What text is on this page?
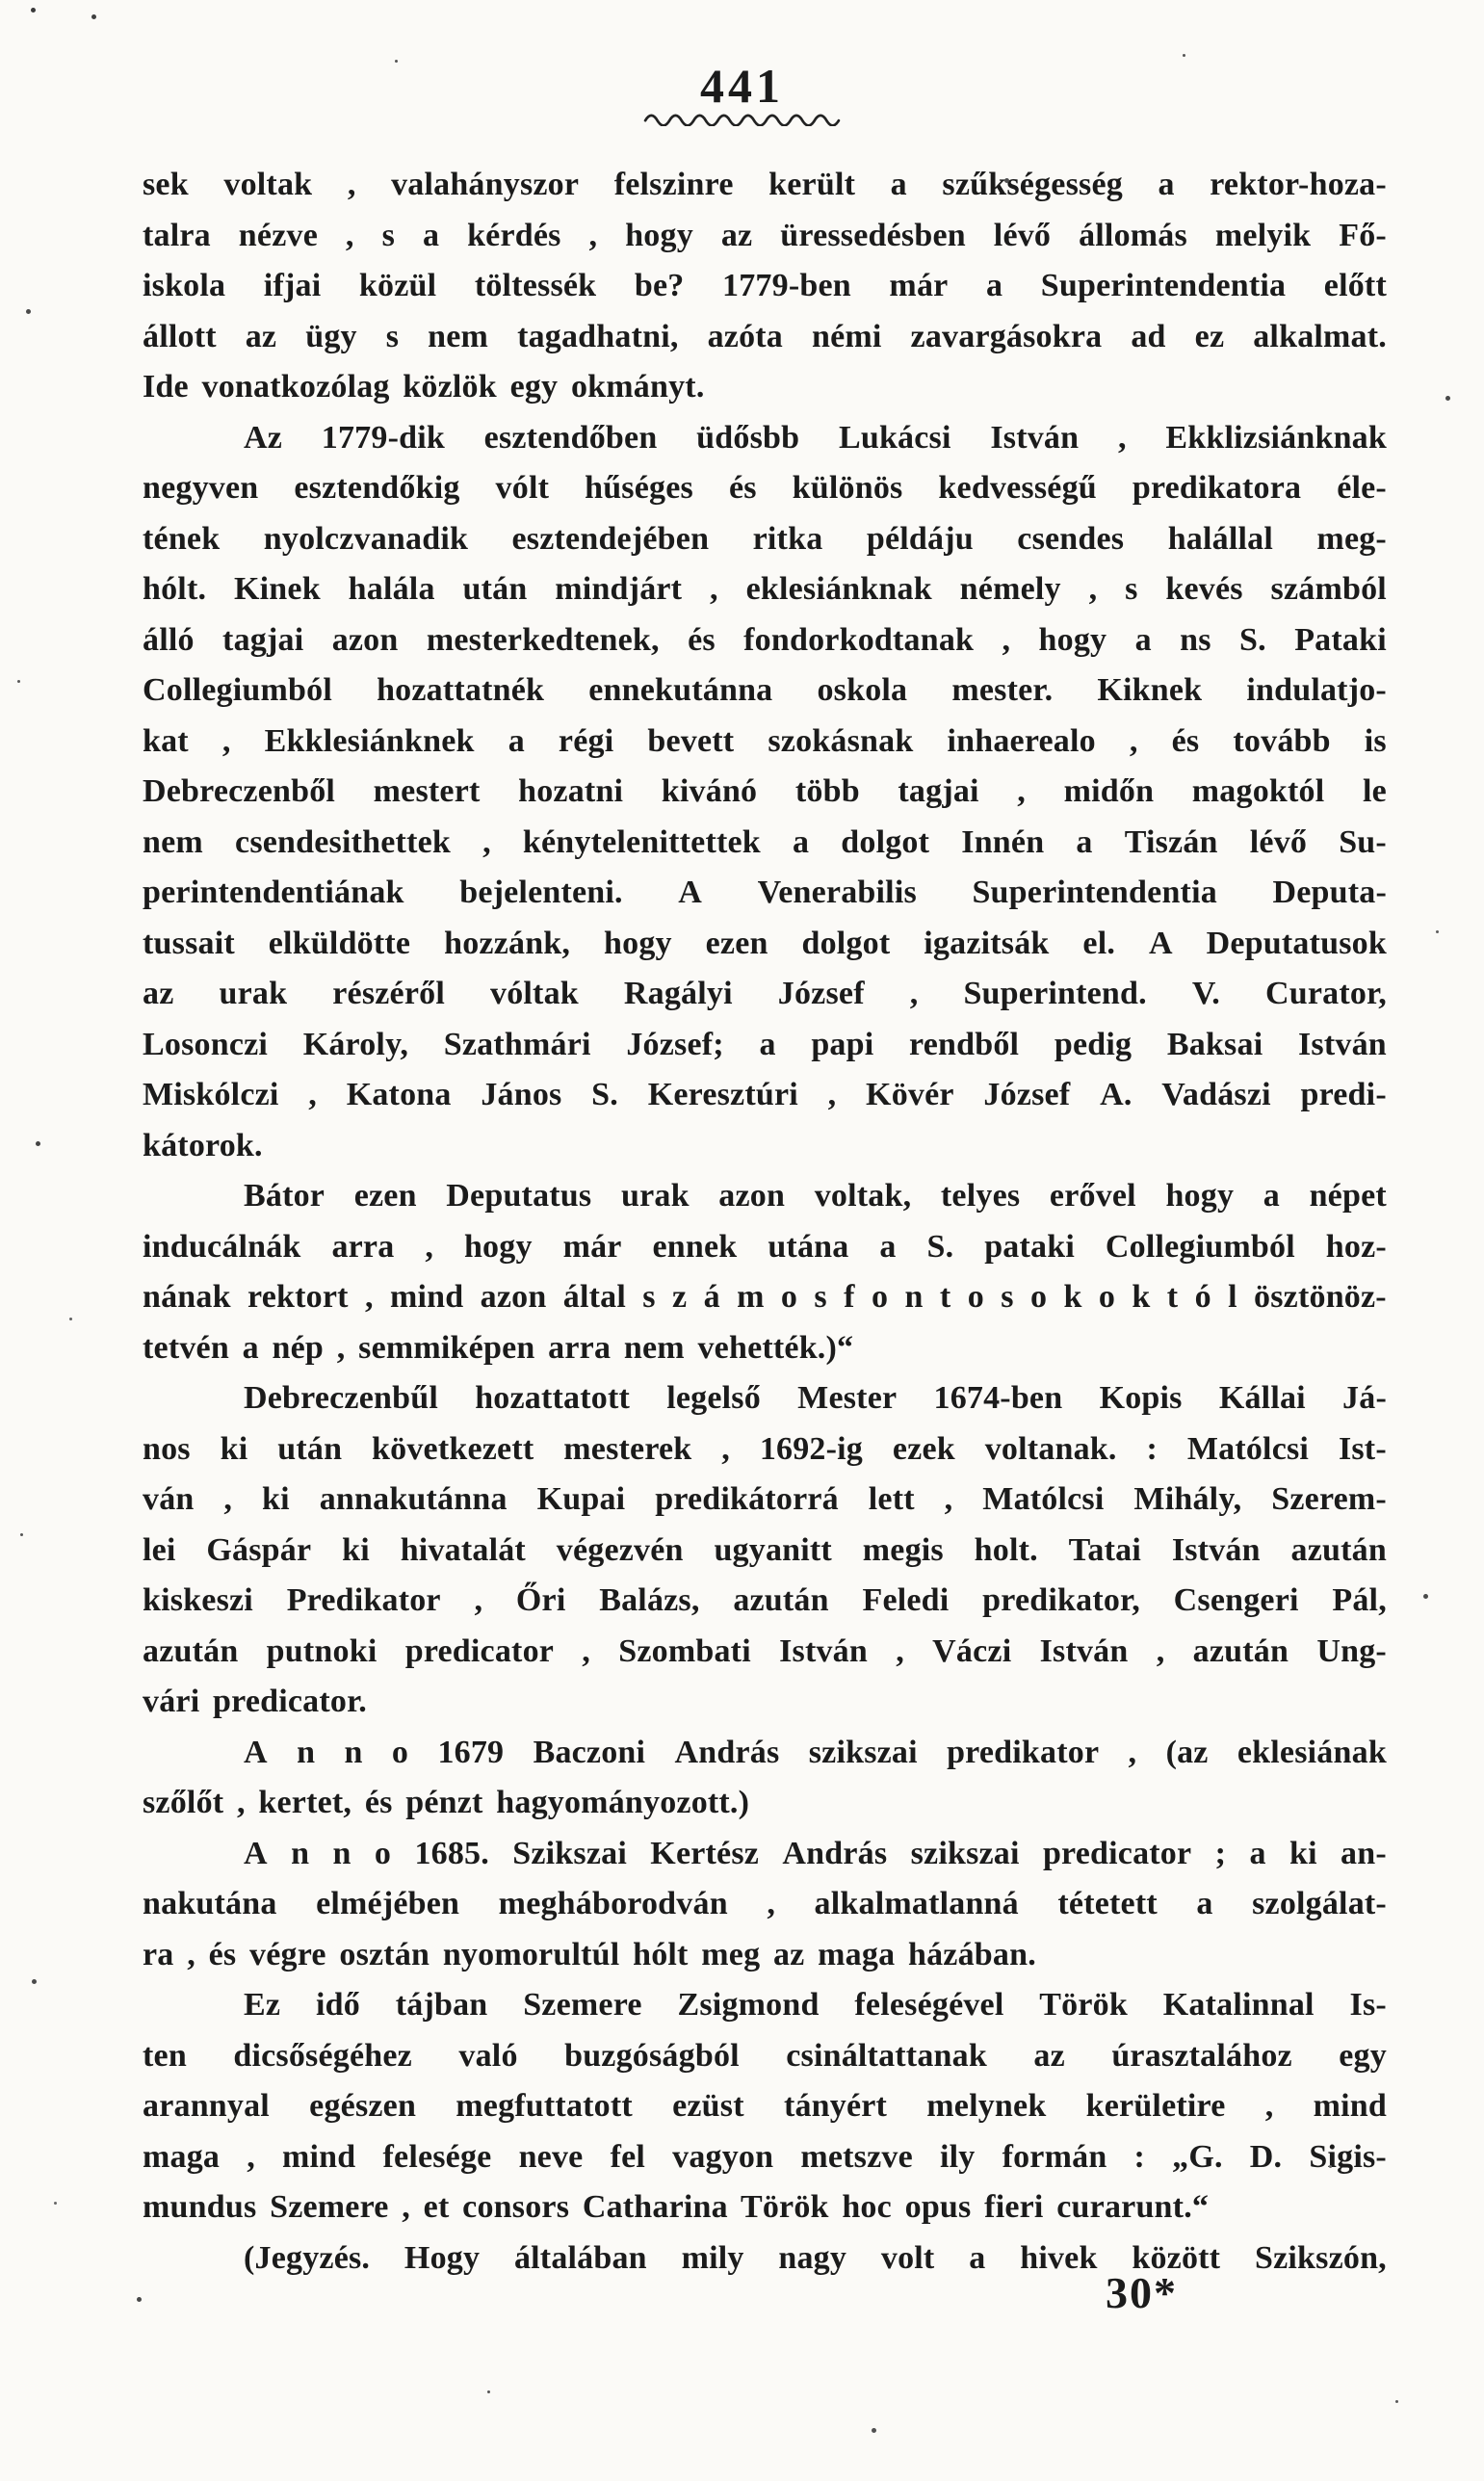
441
sek voltak , valahányszor felszinre került a szűkségesség a rektor-hoza-
talra nézve , s a kérdés , hogy az üressedésben lévő állomás melyik Fő-
iskola ifjai közül töltessék be? 1779-ben már a Superintendentia előtt
állott az ügy s nem tagadhatni, azóta némi zavargásokra ad ez alkalmat.
Ide vonatkozólag közlök egy okmányt.
Az 1779-dik esztendőben üdősbb Lukácsi István , Ekklizsiánknak
negyven esztendőkig vólt hűséges és különös kedvességű predikatora éle-
tének nyolczvanadik esztendejében ritka példáju csendes halállal meg-
hólt. Kinek halála után mindjárt , eklesiánknak némely , s kevés számból
álló tagjai azon mesterkedtenek, és fondorkodtanak , hogy a ns S. Pataki
Collegiumból hozattatnék ennekutánna oskola mester. Kiknek indulatjo-
kat , Ekklesiánknek a régi bevett szokásnak inhaerealo , és tovább is
Debreczenből mestert hozatni kivánó több tagjai , midőn magoktól le
nem csendesithettek , kénytelenittettek a dolgot Innén a Tiszán lévő Su-
perintendentiának bejelenteni. A Venerabilis Superintendentia Deputa-
tussait elküldötte hozzánk, hogy ezen dolgot igazitsák el. A Deputatusok
az urak részéről vóltak Ragályi József , Superintend. V. Curator,
Losonczi Károly, Szathmári József; a papi rendből pedig Baksai István
Miskólczi , Katona János S. Keresztúri , Kövér József A. Vadászi predi-
kátorok.
Bátor ezen Deputatus urak azon voltak, telyes erővel hogy a népet
inducálnák arra , hogy már ennek utána a S. pataki Collegiumból hoz-
nának rektort , mind azon által s z á m o s f o n t o s o k o k t ó l ösztönöz-
tetvén a nép , semmiképen arra nem vehették.)“
Debreczenbűl hozattatott legelső Mester 1674-ben Kopis Kállai Já-
nos ki után következett mesterek , 1692-ig ezek voltanak. : Matólcsi Ist-
ván , ki annakutánna Kupai predikátorrá lett , Matólcsi Mihály, Szerem-
lei Gáspár ki hivatalát végezvén ugyanitt megis holt. Tatai István azután
kiskeszi Predikator , Őri Balázs, azután Feledi predikator, Csengeri Pál,
azután putnoki predicator , Szombati István , Váczi István , azután Ung-
vári predicator.
A n n o 1679 Baczoni András szikszai predikator , (az eklesiának
szőlőt , kertet, és pénzt hagyományozott.)
A n n o 1685. Szikszai Kertész András szikszai predicator ; a ki an-
nakutána elméjében megháborodván , alkalmatlanná tétetett a szolgálat-
ra , és végre osztán nyomorultúl hólt meg az maga házában.
Ez idő tájban Szemere Zsigmond feleségével Török Katalinnal Is-
ten dicsőségéhez való buzgóságból csináltattanak az úrasztalához egy
arannyal egészen megfuttatott ezüst tányért melynek kerületire , mind
maga , mind felesége neve fel vagyon metszve ily formán : „G. D. Sigis-
mundus Szemere , et consors Catharina Török hoc opus fieri curarunt.“
(Jegyzés. Hogy általában mily nagy volt a hivek között Szikszón,
30*
